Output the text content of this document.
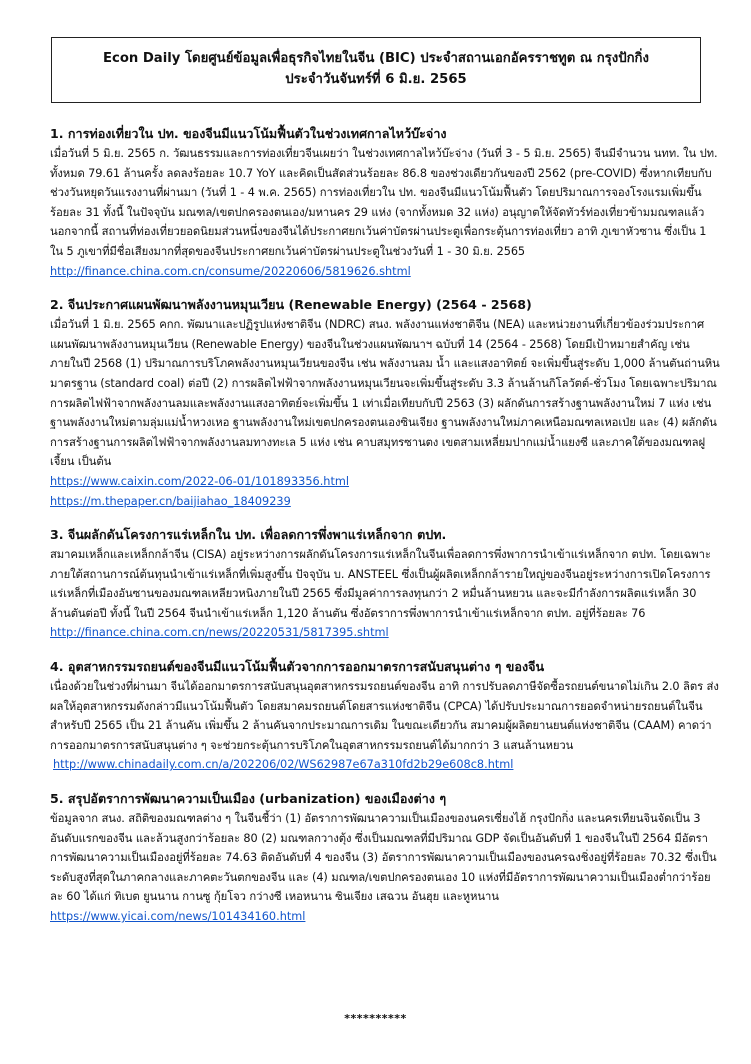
Econ Daily โดยศูนย์ข้อมูลเพื่อธุรกิจไทยในจีน (BIC) ประจำสถานเอกอัครราชทูต ณ กรุงปักกิ่ง
ประจำวันจันทร์ที่ 6 มิ.ย. 2565

1. การท่องเที่ยวใน ปท. ของจีนมีแนวโน้มฟื้นตัวในช่วงเทศกาลไหว้บ๊ะจ่าง

เมื่อวันที่ 5 มิ.ย. 2565 ก. วัฒนธรรมและการท่องเที่ยวจีนเผยว่า ในช่วงเทศกาลไหว้บ๊ะจ่าง (วันที่ 3 - 5 มิ.ย. 2565) จีนมีจำนวน นทท. ใน ปท. ทั้งหมด 79.61 ล้านครั้ง ลดลงร้อยละ 10.7 YoY และคิดเป็นสัดส่วนร้อยละ 86.8 ของช่วงเดียวกันของปี 2562 (pre-COVID) ซึ่งหากเทียบกับช่วงวันหยุดวันแรงงานที่ผ่านมา (วันที่ 1 - 4 พ.ค. 2565) การท่องเที่ยวใน ปท. ของจีนมีแนวโน้มฟื้นตัว โดยปริมาณการจองโรงแรมเพิ่มขึ้นร้อยละ 31 ทั้งนี้ ในปัจจุบัน มณฑล/เขตปกครองตนเอง/มหานคร 29 แห่ง (จากทั้งหมด 32 แห่ง) อนุญาตให้จัดทัวร์ท่องเที่ยวข้ามมณฑลแล้ว นอกจากนี้ สถานที่ท่องเที่ยวยอดนิยมส่วนหนึ่งของจีนได้ประกาศยกเว้นค่าบัตรผ่านประตูเพื่อกระตุ้นการท่องเที่ยว อาทิ ภูเขาหัวซาน ซึ่งเป็น 1 ใน 5 ภูเขาที่มีชื่อเสียงมากที่สุดของจีนประกาศยกเว้นค่าบัตรผ่านประตูในช่วงวันที่ 1 - 30 มิ.ย. 2565

http://finance.china.com.cn/consume/20220606/5819626.shtml

2. จีนประกาศแผนพัฒนาพลังงานหมุนเวียน (Renewable Energy) (2564 - 2568)

เมื่อวันที่ 1 มิ.ย. 2565 คกก. พัฒนาและปฏิรูปแห่งชาติจีน (NDRC) สนง. พลังงานแห่งชาติจีน (NEA) และหน่วยงานที่เกี่ยวข้องร่วมประกาศแผนพัฒนาพลังงานหมุนเวียน (Renewable Energy) ของจีนในช่วงแผนพัฒนาฯ ฉบับที่ 14 (2564 - 2568) โดยมีเป้าหมายสำคัญ เช่น ภายในปี 2568 (1) ปริมาณการบริโภคพลังงานหมุนเวียนของจีน เช่น พลังงานลม น้ำ และแสงอาทิตย์ จะเพิ่มขึ้นสู่ระดับ 1,000 ล้านตันถ่านหินมาตรฐาน (standard coal) ต่อปี (2) การผลิตไฟฟ้าจากพลังงานหมุนเวียนจะเพิ่มขึ้นสู่ระดับ 3.3 ล้านล้านกิโลวัตต์-ชั่วโมง โดยเฉพาะปริมาณการผลิตไฟฟ้าจากพลังงานลมและพลังงานแสงอาทิตย์จะเพิ่มขึ้น 1 เท่าเมื่อเทียบกับปี 2563 (3) ผลักดันการสร้างฐานพลังงานใหม่ 7 แห่ง เช่น ฐานพลังงานใหม่ตามลุ่มแม่น้ำหวงเหอ ฐานพลังงานใหม่เขตปกครองตนเองซินเจียง ฐานพลังงานใหม่ภาคเหนือมณฑลเหอเป่ย และ (4) ผลักดันการสร้างฐานการผลิตไฟฟ้าจากพลังงานลมทางทะเล 5 แห่ง เช่น คาบสมุทรซานตง เขตสามเหลี่ยมปากแม่น้ำแยงซี และภาคใต้ของมณฑลฝูเจี้ยน เป็นต้น

https://www.caixin.com/2022-06-01/101893356.html
https://m.thepaper.cn/baijiahao_18409239

3. จีนผลักดันโครงการแร่เหล็กใน ปท. เพื่อลดการพึ่งพาแร่เหล็กจาก ตปท.

สมาคมเหล็กและเหล็กกล้าจีน (CISA) อยู่ระหว่างการผลักดันโครงการแร่เหล็กในจีนเพื่อลดการพึ่งพาการนำเข้าแร่เหล็กจาก ตปท. โดยเฉพาะภายใต้สถานการณ์ต้นทุนนำเข้าแร่เหล็กที่เพิ่มสูงขึ้น ปัจจุบัน บ. ANSTEEL ซึ่งเป็นผู้ผลิตเหล็กกล้ารายใหญ่ของจีนอยู่ระหว่างการเปิดโครงการแร่เหล็กที่เมืองอันซานของมณฑลเหลียวหนิงภายในปี 2565 ซึ่งมีมูลค่าการลงทุนกว่า 2 หมื่นล้านหยวน และจะมีกำลังการผลิตแร่เหล็ก 30 ล้านตันต่อปี ทั้งนี้ ในปี 2564 จีนนำเข้าแร่เหล็ก 1,120 ล้านตัน ซึ่งอัตราการพึ่งพาการนำเข้าแร่เหล็กจาก ตปท. อยู่ที่ร้อยละ 76

http://finance.china.com.cn/news/20220531/5817395.shtml

4. อุตสาหกรรมรถยนต์ของจีนมีแนวโน้มฟื้นตัวจากการออกมาตรการสนับสนุนต่าง ๆ ของจีน

เนื่องด้วยในช่วงที่ผ่านมา จีนได้ออกมาตรการสนับสนุนอุตสาหกรรมรถยนต์ของจีน อาทิ การปรับลดภาษีจัดซื้อรถยนต์ขนาดไม่เกิน 2.0 ลิตร ส่งผลให้อุตสาหกรรมดังกล่าวมีแนวโน้มฟื้นตัว โดยสมาคมรถยนต์โดยสารแห่งชาติจีน (CPCA) ได้ปรับประมาณการยอดจำหน่ายรถยนต์ในจีนสำหรับปี 2565 เป็น 21 ล้านคัน เพิ่มขึ้น 2 ล้านคันจากประมาณการเดิม ในขณะเดียวกัน สมาคมผู้ผลิตยานยนต์แห่งชาติจีน (CAAM) คาดว่า การออกมาตรการสนับสนุนต่าง ๆ จะช่วยกระตุ้นการบริโภคในอุตสาหกรรมรถยนต์ได้มากกว่า 3 แสนล้านหยวน

http://www.chinadaily.com.cn/a/202206/02/WS62987e67a310fd2b29e608c8.html

5. สรุปอัตราการพัฒนาความเป็นเมือง (urbanization) ของเมืองต่าง ๆ

ข้อมูลจาก สนง. สถิติของมณฑลต่าง ๆ ในจีนชี้ว่า (1) อัตราการพัฒนาความเป็นเมืองของนครเซี่ยงไฮ้ กรุงปักกิ่ง และนครเทียนจินจัดเป็น 3 อันดับแรกของจีน และล้วนสูงกว่าร้อยละ 80 (2) มณฑลกวางตุ้ง ซึ่งเป็นมณฑลที่มีปริมาณ GDP จัดเป็นอันดับที่ 1 ของจีนในปี 2564 มีอัตราการพัฒนาความเป็นเมืองอยู่ที่ร้อยละ 74.63 ติดอันดับที่ 4 ของจีน (3) อัตราการพัฒนาความเป็นเมืองของนครฉงชิ่งอยู่ที่ร้อยละ 70.32 ซึ่งเป็นระดับสูงที่สุดในภาคกลางและภาคตะวันตกของจีน และ (4) มณฑล/เขตปกครองตนเอง 10 แห่งที่มีอัตราการพัฒนาความเป็นเมืองต่ำกว่าร้อยละ 60 ได้แก่ ทิเบต ยูนนาน กานซู กุ้ยโจว กว่างซี เหอหนาน ซินเจียง เสฉวน อันฮุย และหูหนาน

https://www.yicai.com/news/101434160.html
**********
